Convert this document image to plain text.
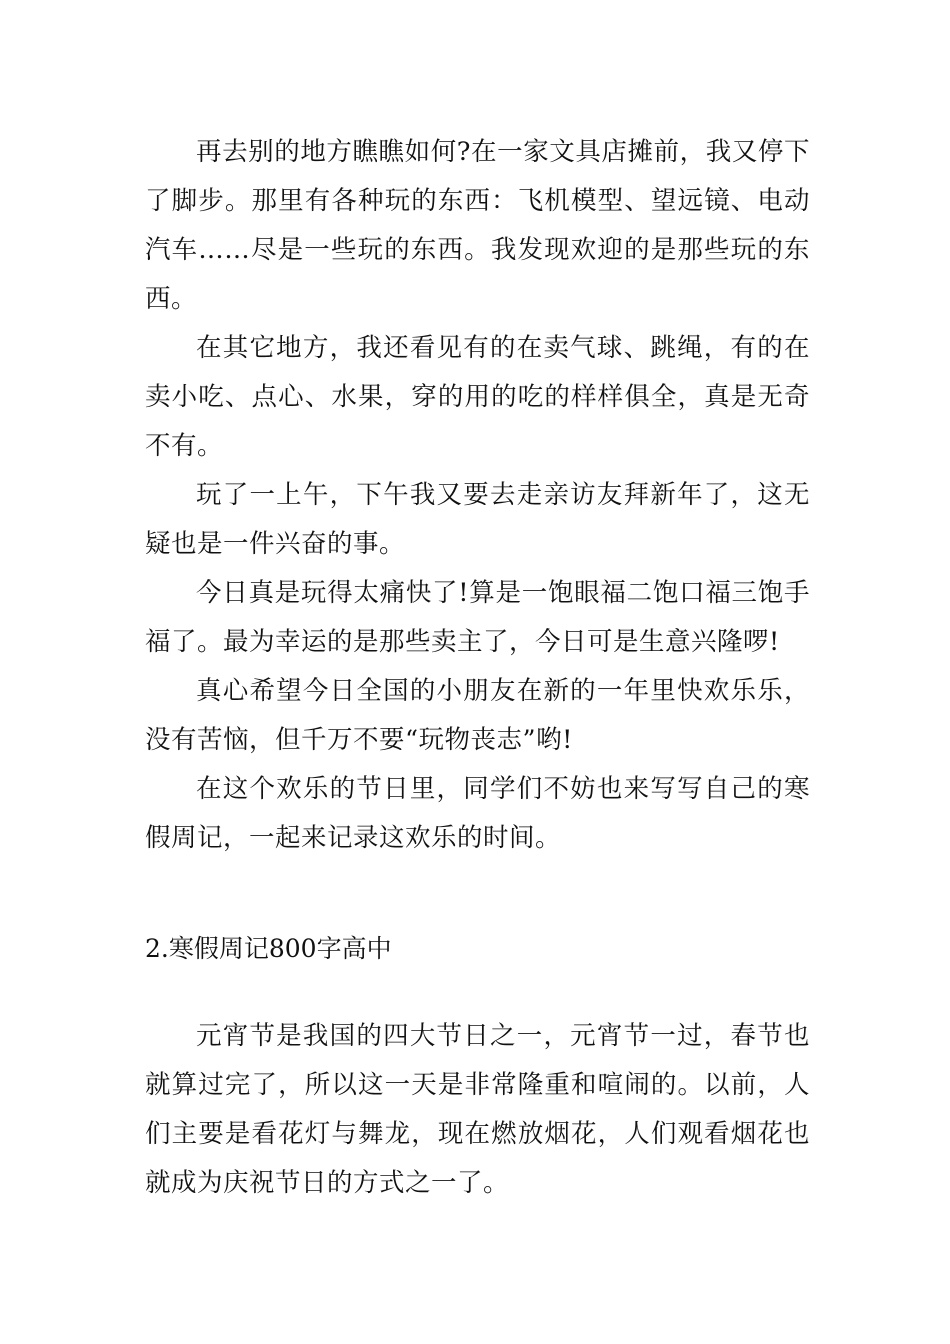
再去别的地方瞧瞧如何?在一家文具店摊前，我又停下了脚步。那里有各种玩的东西：飞机模型、望远镜、电动汽车……尽是一些玩的东西。我发现欢迎的是那些玩的东西。

在其它地方，我还看见有的在卖气球、跳绳，有的在卖小吃、点心、水果，穿的用的吃的样样俱全，真是无奇不有。

玩了一上午，下午我又要去走亲访友拜新年了，这无疑也是一件兴奋的事。

今日真是玩得太痛快了!算是一饱眼福二饱口福三饱手福了。最为幸运的是那些卖主了，今日可是生意兴隆啰!

真心希望今日全国的小朋友在新的一年里快欢乐乐，没有苦恼，但千万不要“玩物丧志”哟!

在这个欢乐的节日里，同学们不妨也来写写自己的寒假周记，一起来记录这欢乐的时间。

2.寒假周记800字高中

元宵节是我国的四大节日之一，元宵节一过，春节也就算过完了，所以这一天是非常隆重和喧闹的。以前，人们主要是看花灯与舞龙，现在燃放烟花，人们观看烟花也就成为庆祝节日的方式之一了。
